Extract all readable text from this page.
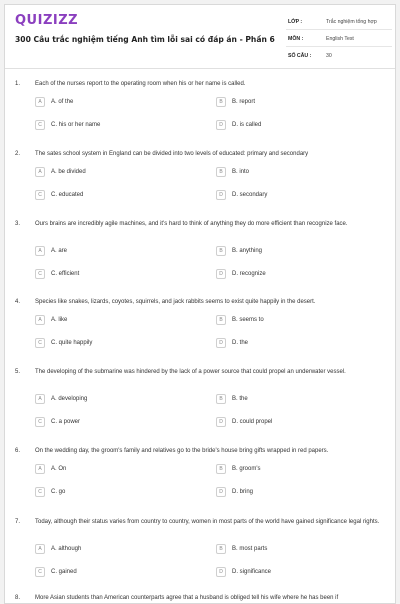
QUIZIZZ
300 Câu trắc nghiệm tiếng Anh tìm lỗi sai có đáp án - Phần 6
LỚP :	Trắc nghiệm tổng hợp
MÔN :	English Test
SỐ CÂU :	30
1. Each of the nurses report to the operating room when his or her name is called.
A	A. of the	B	B. report
C	C. his or her name	D	D. is called
2. The sates school system in England can be divided into two levels of educated: primary and secondary
A	A. be divided	B	B. into
C	C. educated	D	D. secondary
3. Ours brains are incredibly agile machines, and it's hard to think of anything they do more efficient than recognize face.
A	A. are	B	B. anything
C	C. efficient	D	D. recognize
4. Species like snakes, lizards, coyotes, squirrels, and jack rabbits seems to exist quite happily in the desert.
A	A. like	B	B. seems to
C	C. quite happily	D	D. the
5. The developing of the submarine was hindered by the lack of a power source that could propel an underwater vessel.
A	A. developing	B	B. the
C	C. a power	D	D. could propel
6. On the wedding day, the groom's family and relatives go to the bride's house bring gifts wrapped in red papers.
A	A. On	B	B. groom's
C	C. go	D	D. bring
7. Today, although their status varies from country to country, women in most parts of the world have gained significance legal rights.
A	A. although	B	B. most parts
C	C. gained	D	D. significance
8. More Asian students than American counterparts agree that a husband is obliged tell his wife where he has been if
